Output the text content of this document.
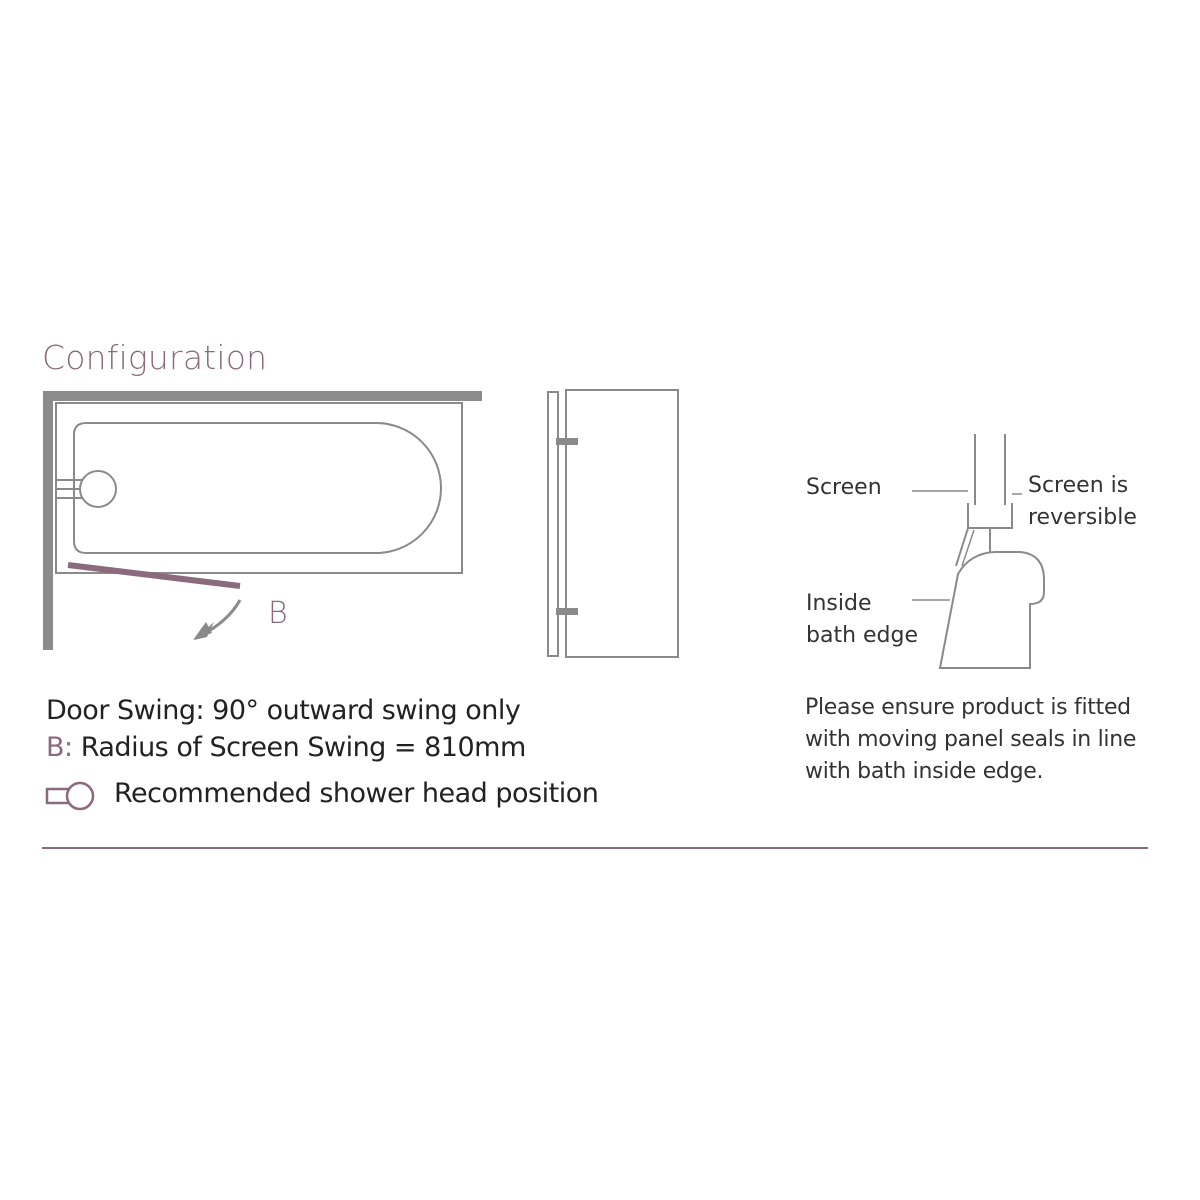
Configuration
B
Screen	Screen is
reversible
Inside
bath edge
Door Swing: 90° outward swing only
B: Radius of Screen Swing = 810mm
Recommended shower head position
Please ensure product is fitted
with moving panel seals in line
with bath inside edge.
